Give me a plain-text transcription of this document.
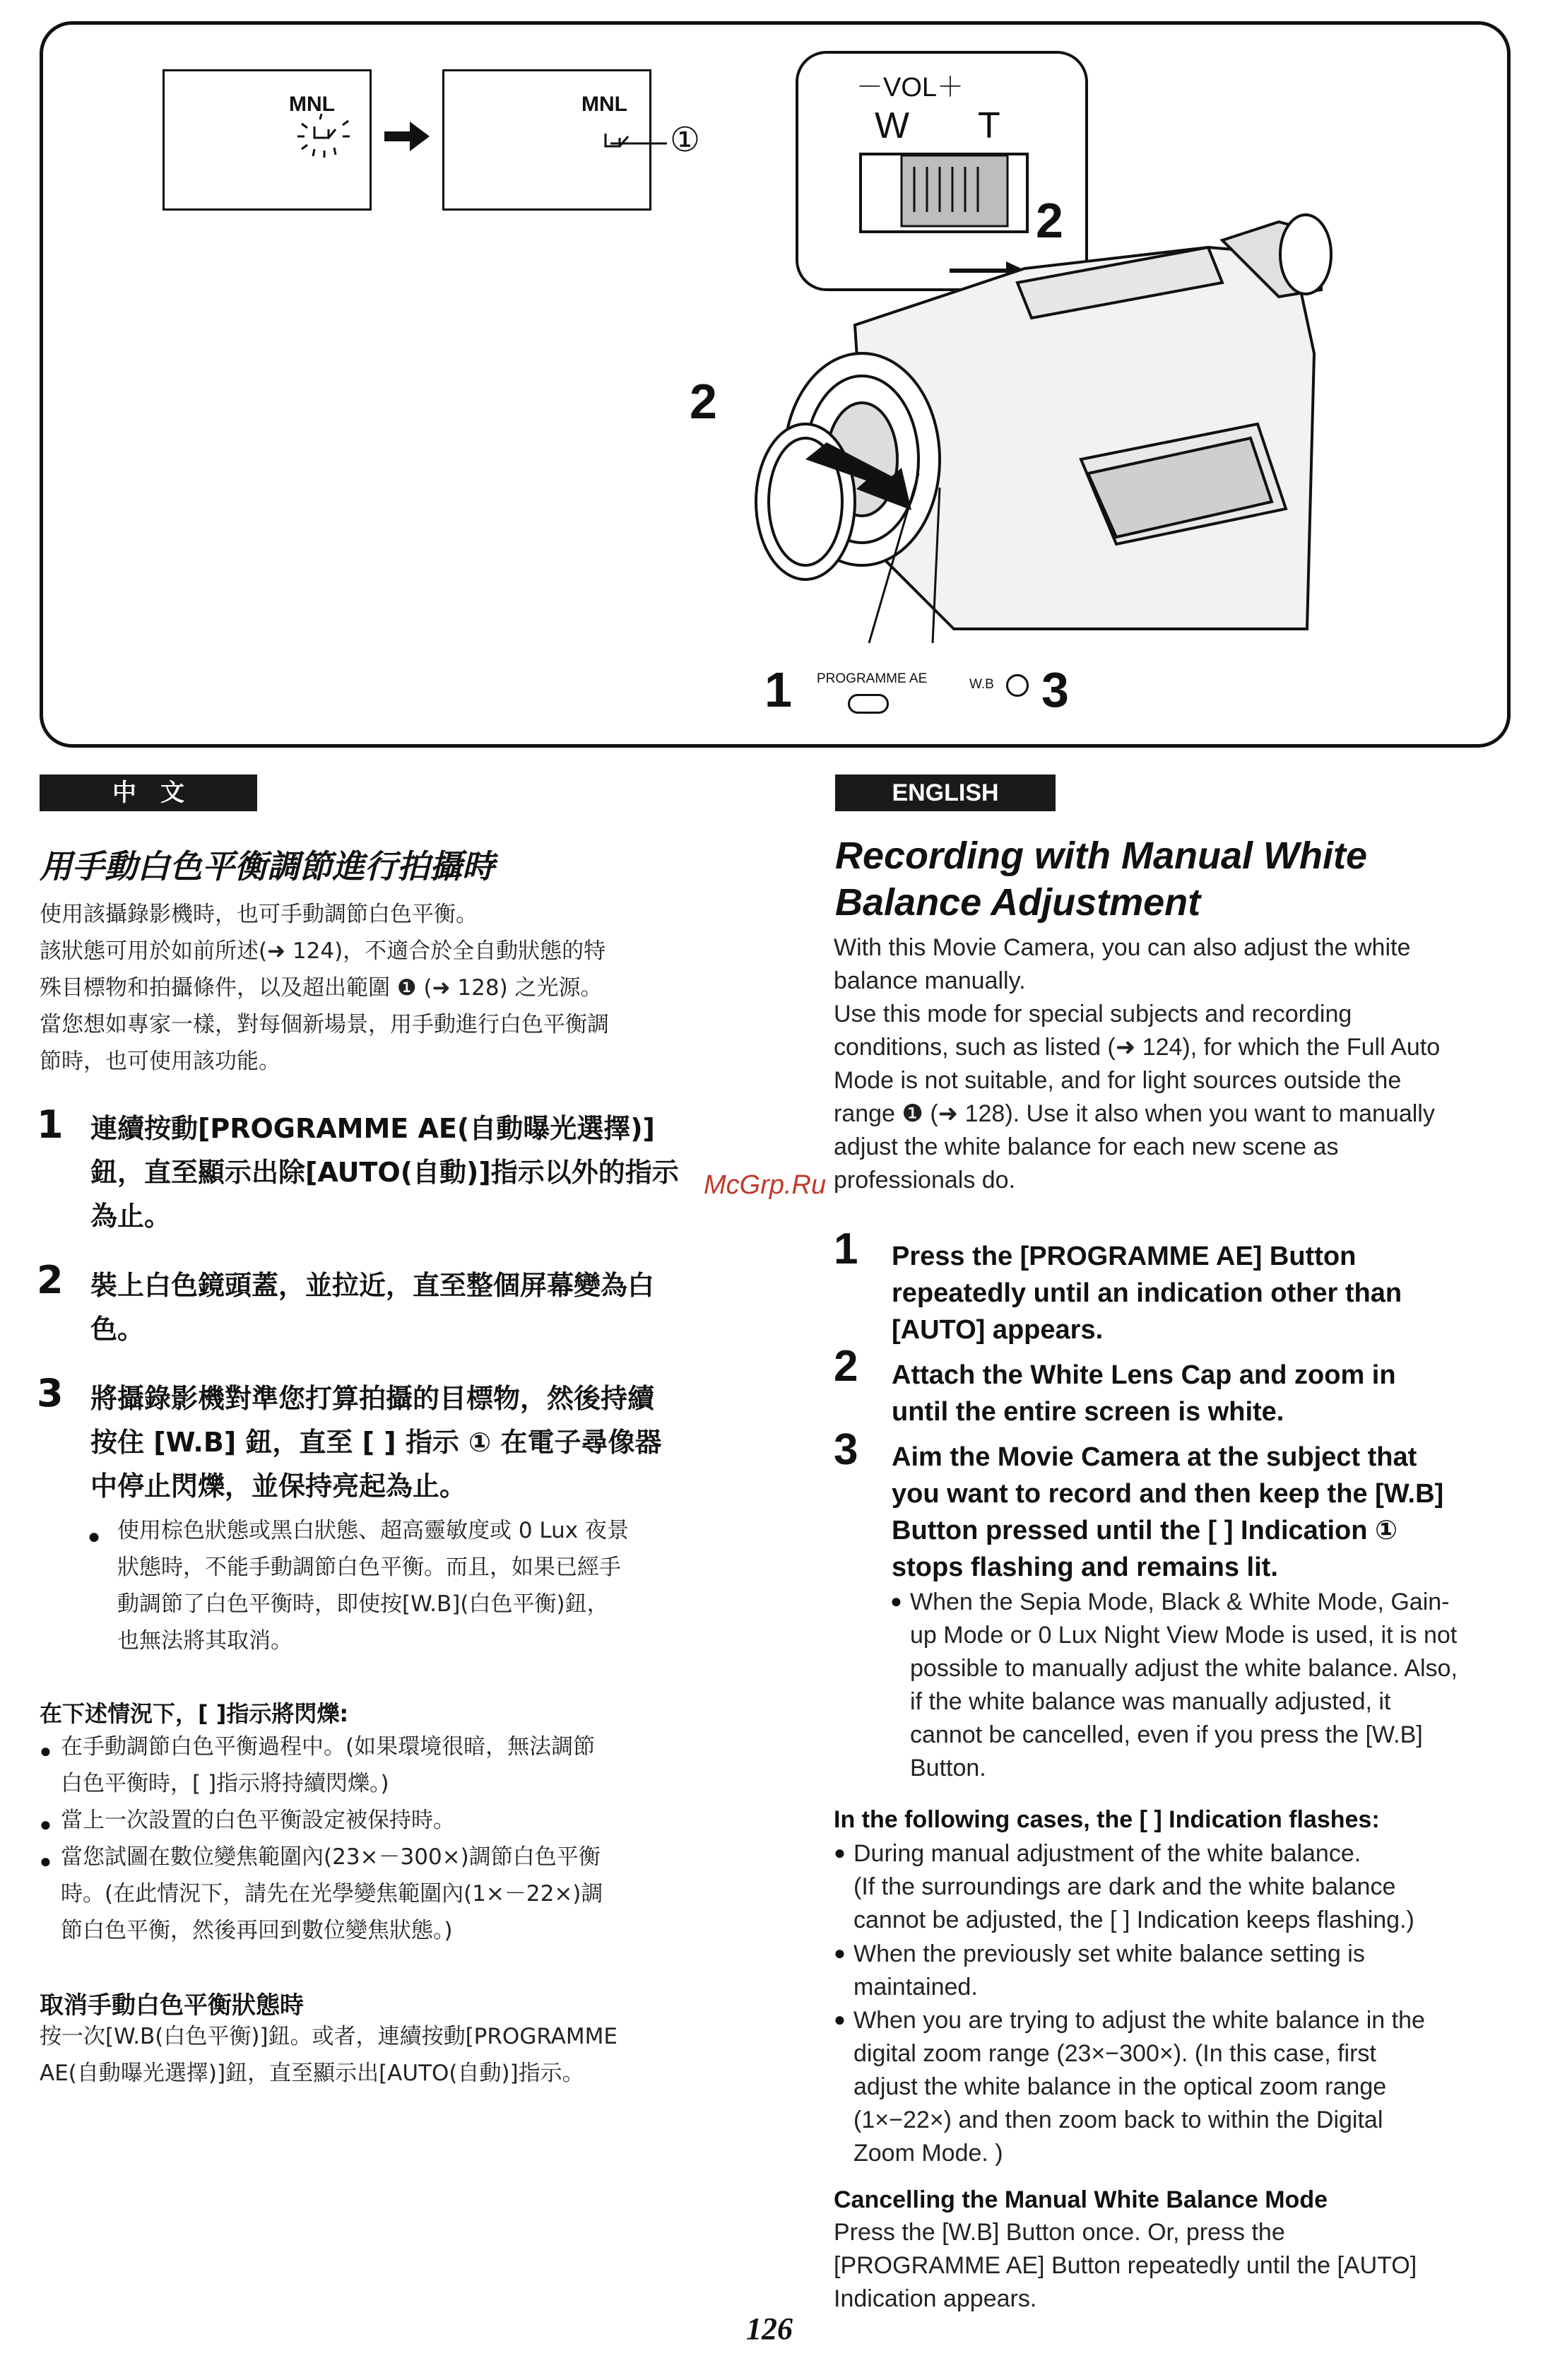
MNL	MNL
①
－VOL＋
W T
2
2
1 PROGRAMME AE	W.B 3
中　文
用手動白色平衡調節進行拍攝時
使用該攝錄影機時，也可手動調節白色平衡。
該狀態可用於如前所述(➜ 124)，不適合於全自動狀態的特
殊目標物和拍攝條件，以及超出範圍 ❶ (➜ 128) 之光源。
當您想如專家一樣，對每個新場景，用手動進行白色平衡調
節時，也可使用該功能。
1 連續按動[PROGRAMME AE(自動曝光選擇)]
鈕，直至顯示出除[AUTO(自動)]指示以外的指示
為止。
2 裝上白色鏡頭蓋，並拉近，直至整個屏幕變為白
色。
3 將攝錄影機對準您打算拍攝的目標物，然後持續
按住 [W.B] 鈕，直至 [ ] 指示 ① 在電子尋像器
中停止閃爍，並保持亮起為止。
● 使用棕色狀態或黑白狀態、超高靈敏度或 0 Lux 夜景
狀態時，不能手動調節白色平衡。而且，如果已經手
動調節了白色平衡時，即使按[W.B](白色平衡)鈕，
也無法將其取消。
在下述情況下，[ ]指示將閃爍:
● 在手動調節白色平衡過程中。(如果環境很暗，無法調節
白色平衡時，[ ]指示將持續閃爍。)
● 當上一次設置的白色平衡設定被保持時。
● 當您試圖在數位變焦範圍內(23×－300×)調節白色平衡
時。(在此情況下，請先在光學變焦範圍內(1×－22×)調
節白色平衡，然後再回到數位變焦狀態。)
取消手動白色平衡狀態時
按一次[W.B(白色平衡)]鈕。或者，連續按動[PROGRAMME
AE(自動曝光選擇)]鈕，直至顯示出[AUTO(自動)]指示。
ENGLISH
Recording with Manual White
Balance Adjustment
With this Movie Camera, you can also adjust the white
balance manually.
Use this mode for special subjects and recording
conditions, such as listed (➜ 124), for which the Full Auto
Mode is not suitable, and for light sources outside the
range ❶ (➜ 128). Use it also when you want to manually
adjust the white balance for each new scene as
professionals do.
1 Press the [PROGRAMME AE] Button
repeatedly until an indication other than
[AUTO] appears.
2 Attach the White Lens Cap and zoom in
until the entire screen is white.
3 Aim the Movie Camera at the subject that
you want to record and then keep the [W.B]
Button pressed until the [ ] Indication ①
stops flashing and remains lit.
● When the Sepia Mode, Black & White Mode, Gain-
up Mode or 0 Lux Night View Mode is used, it is not
possible to manually adjust the white balance. Also,
if the white balance was manually adjusted, it
cannot be cancelled, even if you press the [W.B]
Button.
In the following cases, the [ ] Indication flashes:
● During manual adjustment of the white balance.
(If the surroundings are dark and the white balance
cannot be adjusted, the [ ] Indication keeps flashing.)
● When the previously set white balance setting is
maintained.
● When you are trying to adjust the white balance in the
digital zoom range (23×−300×). (In this case, first
adjust the white balance in the optical zoom range
(1×−22×) and then zoom back to within the Digital
Zoom Mode. )
Cancelling the Manual White Balance Mode
Press the [W.B] Button once. Or, press the
[PROGRAMME AE] Button repeatedly until the [AUTO]
Indication appears.
McGrp.Ru
126
